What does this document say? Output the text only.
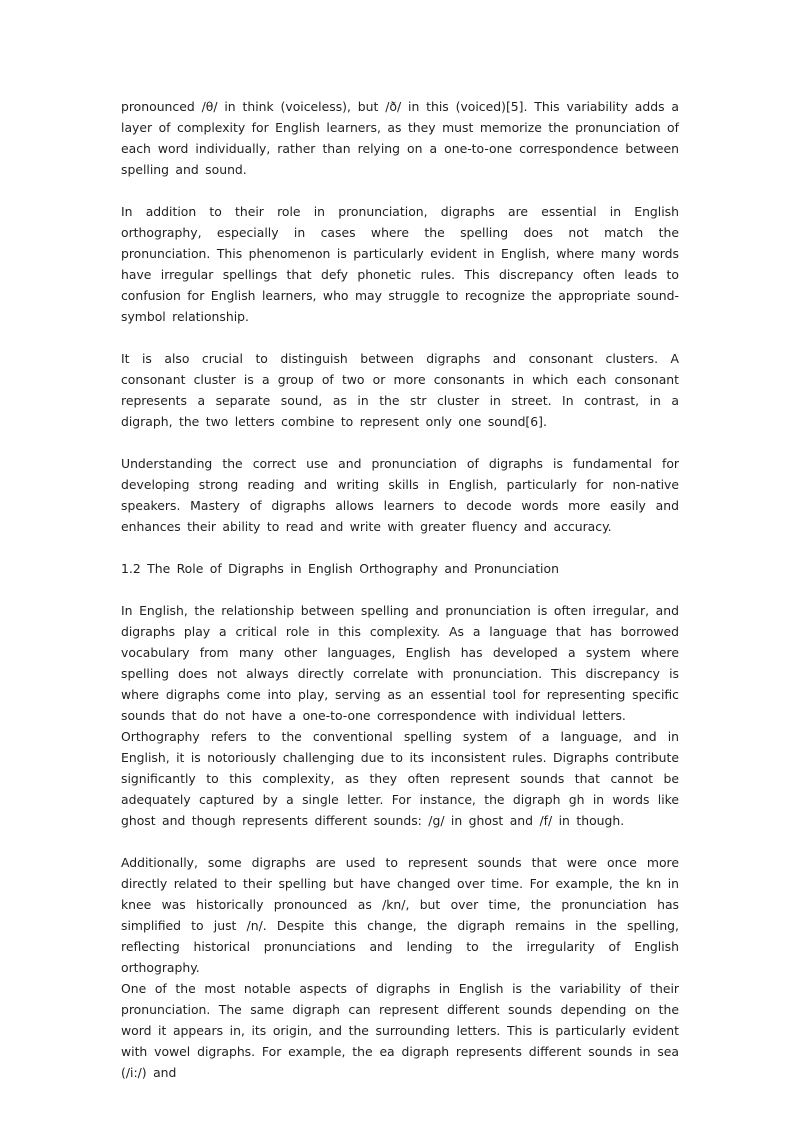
pronounced /θ/ in think (voiceless), but /ð/ in this (voiced)[5]. This variability adds a layer of complexity for English learners, as they must memorize the pronunciation of each word individually, rather than relying on a one-to-one correspondence between spelling and sound.

In addition to their role in pronunciation, digraphs are essential in English orthography, especially in cases where the spelling does not match the pronunciation. This phenomenon is particularly evident in English, where many words have irregular spellings that defy phonetic rules. This discrepancy often leads to confusion for English learners, who may struggle to recognize the appropriate sound-symbol relationship.

It is also crucial to distinguish between digraphs and consonant clusters. A consonant cluster is a group of two or more consonants in which each consonant represents a separate sound, as in the str cluster in street. In contrast, in a digraph, the two letters combine to represent only one sound[6].

Understanding the correct use and pronunciation of digraphs is fundamental for developing strong reading and writing skills in English, particularly for non-native speakers. Mastery of digraphs allows learners to decode words more easily and enhances their ability to read and write with greater fluency and accuracy.

1.2 The Role of Digraphs in English Orthography and Pronunciation

In English, the relationship between spelling and pronunciation is often irregular, and digraphs play a critical role in this complexity. As a language that has borrowed vocabulary from many other languages, English has developed a system where spelling does not always directly correlate with pronunciation. This discrepancy is where digraphs come into play, serving as an essential tool for representing specific sounds that do not have a one-to-one correspondence with individual letters.

Orthography refers to the conventional spelling system of a language, and in English, it is notoriously challenging due to its inconsistent rules. Digraphs contribute significantly to this complexity, as they often represent sounds that cannot be adequately captured by a single letter. For instance, the digraph gh in words like ghost and though represents different sounds: /g/ in ghost and /f/ in though.

Additionally, some digraphs are used to represent sounds that were once more directly related to their spelling but have changed over time. For example, the kn in knee was historically pronounced as /kn/, but over time, the pronunciation has simplified to just /n/. Despite this change, the digraph remains in the spelling, reflecting historical pronunciations and lending to the irregularity of English orthography.

One of the most notable aspects of digraphs in English is the variability of their pronunciation. The same digraph can represent different sounds depending on the word it appears in, its origin, and the surrounding letters. This is particularly evident with vowel digraphs. For example, the ea digraph represents different sounds in sea (/i:/) and
